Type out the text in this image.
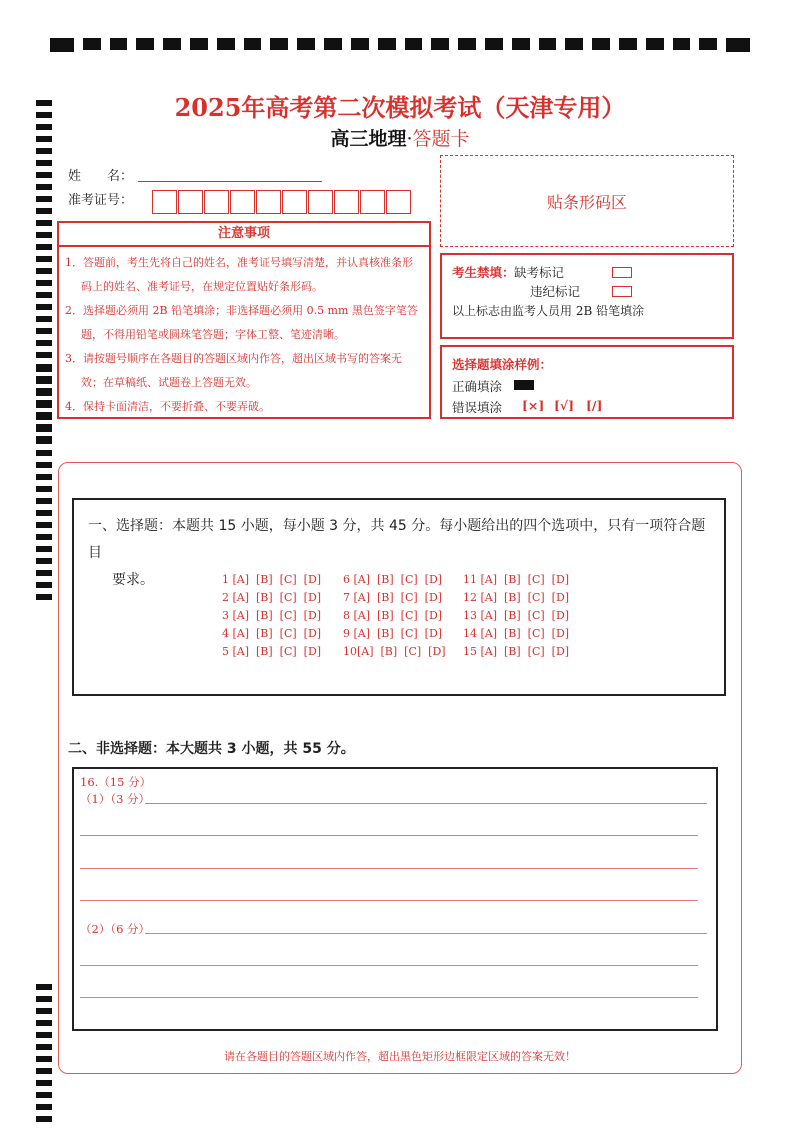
2025年高考第二次模拟考试（天津专用）
高三地理·答题卡
姓　　名：
准考证号：	贴条形码区
注意事项

1．答题前，考生先将自己的姓名，准考证号填写清楚，并认真核准条形码上的姓名、准考证号，在规定位置贴好条形码。

2．选择题必须用 2B 铅笔填涂；非选择题必须用 0.5 mm 黑色签字笔答题，不得用铅笔或圆珠笔答题；字体工整、笔迹清晰。

3．请按题号顺序在各题目的答题区域内作答，超出区域书写的答案无效；在草稿纸、试题卷上答题无效。

4．保持卡面清洁，不要折叠、不要弄破。

考生禁填： 缺考标记
违纪标记
以上标志由监考人员用 2B 铅笔填涂
选择题填涂样例：
正确填涂
错误填涂 [×] [√] [/]
一、选择题：本题共 15 小题，每小题 3 分，共 45 分。每小题给出的四个选项中，只有一项符合题目
要求。	1 [A]  [B]  [C]  [D]
2 [A]  [B]  [C]  [D]
3 [A]  [B]  [C]  [D]
4 [A]  [B]  [C]  [D]
5 [A]  [B]  [C]  [D]
6 [A]  [B]  [C]  [D]
7 [A]  [B]  [C]  [D]
8 [A]  [B]  [C]  [D]
9 [A]  [B]  [C]  [D]
10[A]  [B]  [C]  [D]
11 [A]  [B]  [C]  [D]
12 [A]  [B]  [C]  [D]
13 [A]  [B]  [C]  [D]
14 [A]  [B]  [C]  [D]
15 [A]  [B]  [C]  [D]
二、非选择题：本大题共 3 小题，共 55 分。
16.（15 分）
（1）（3 分）
（2）（6 分）
请在各题目的答题区域内作答，超出黑色矩形边框限定区域的答案无效！
